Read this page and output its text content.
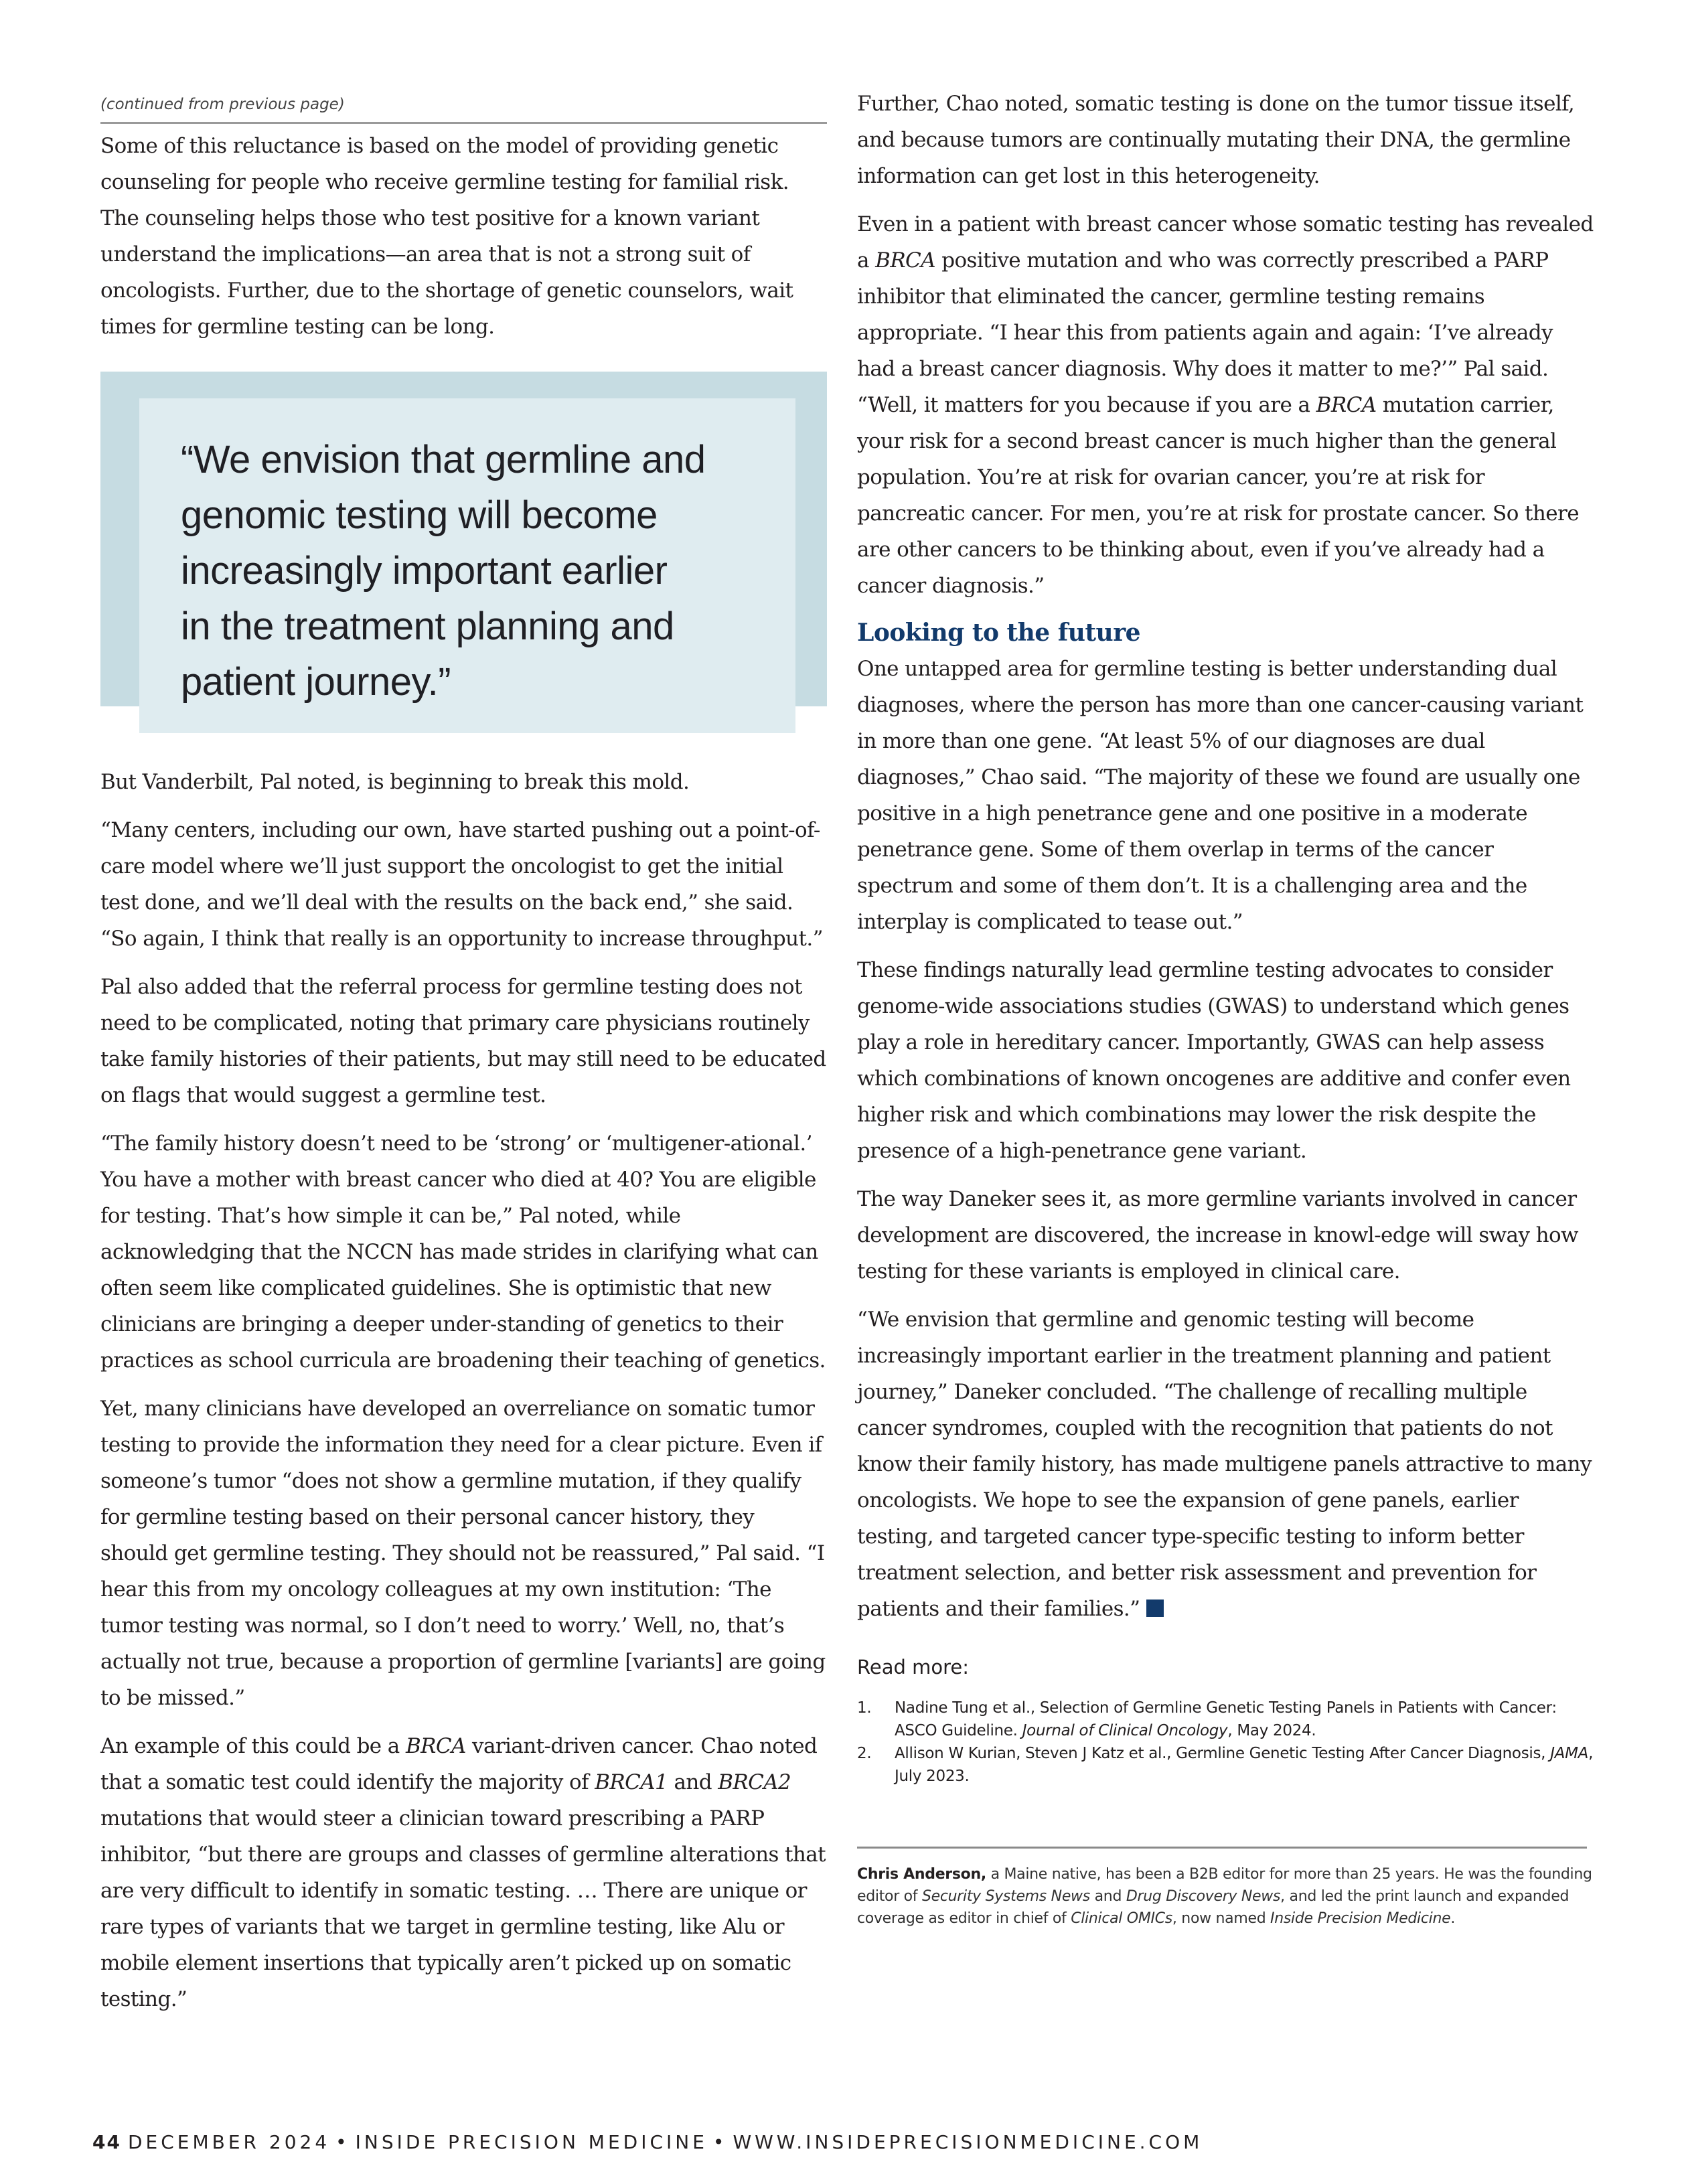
(continued from previous page)

Some of this reluctance is based on the model of providing genetic counseling for people who receive germline testing for familial risk. The counseling helps those who test positive for a known variant understand the implications—an area that is not a strong suit of oncologists. Further, due to the shortage of genetic counselors, wait times for germline testing can be long.

“We envision that germline and
genomic testing will become
increasingly important earlier
in the treatment planning and
patient journey.”

But Vanderbilt, Pal noted, is beginning to break this mold.

“Many centers, including our own, have started pushing out a point-of-care model where we’ll just support the oncologist to get the initial test done, and we’ll deal with the results on the back end,” she said. “So again, I think that really is an opportunity to increase throughput.”

Pal also added that the referral process for germline testing does not need to be complicated, noting that primary care physicians routinely take family histories of their patients, but may still need to be educated on flags that would suggest a germline test.

“The family history doesn’t need to be ‘strong’ or ‘multigener-ational.’ You have a mother with breast cancer who died at 40? You are eligible for testing. That’s how simple it can be,” Pal noted, while acknowledging that the NCCN has made strides in clarifying what can often seem like complicated guidelines. She is optimistic that new clinicians are bringing a deeper under-standing of genetics to their practices as school curricula are broadening their teaching of genetics.

Yet, many clinicians have developed an overreliance on somatic tumor testing to provide the information they need for a clear picture. Even if someone’s tumor “does not show a germline mutation, if they qualify for germline testing based on their personal cancer history, they should get germline testing. They should not be reassured,” Pal said. “I hear this from my oncology colleagues at my own institution: ‘The tumor testing was normal, so I don’t need to worry.’ Well, no, that’s actually not true, because a proportion of germline [variants] are going to be missed.”

An example of this could be a BRCA variant-driven cancer. Chao noted that a somatic test could identify the majority of BRCA1 and BRCA2 mutations that would steer a clinician toward prescribing a PARP inhibitor, “but there are groups and classes of germline alterations that are very difficult to identify in somatic testing. … There are unique or rare types of variants that we target in germline testing, like Alu or mobile element insertions that typically aren’t picked up on somatic testing.”

Further, Chao noted, somatic testing is done on the tumor tissue itself, and because tumors are continually mutating their DNA, the germline information can get lost in this heterogeneity.

Even in a patient with breast cancer whose somatic testing has revealed a BRCA positive mutation and who was correctly prescribed a PARP inhibitor that eliminated the cancer, germline testing remains appropriate. “I hear this from patients again and again: ‘I’ve already had a breast cancer diagnosis. Why does it matter to me?’” Pal said. “Well, it matters for you because if you are a BRCA mutation carrier, your risk for a second breast cancer is much higher than the general population. You’re at risk for ovarian cancer, you’re at risk for pancreatic cancer. For men, you’re at risk for prostate cancer. So there are other cancers to be thinking about, even if you’ve already had a cancer diagnosis.”

Looking to the future

One untapped area for germline testing is better understanding dual diagnoses, where the person has more than one cancer-causing variant in more than one gene. “At least 5% of our diagnoses are dual diagnoses,” Chao said. “The majority of these we found are usually one positive in a high penetrance gene and one positive in a moderate penetrance gene. Some of them overlap in terms of the cancer spectrum and some of them don’t. It is a challenging area and the interplay is complicated to tease out.”

These findings naturally lead germline testing advocates to consider genome-wide associations studies (GWAS) to understand which genes play a role in hereditary cancer. Importantly, GWAS can help assess which combinations of known oncogenes are additive and confer even higher risk and which combinations may lower the risk despite the presence of a high-penetrance gene variant.

The way Daneker sees it, as more germline variants involved in cancer development are discovered, the increase in knowl-edge will sway how testing for these variants is employed in clinical care.

“We envision that germline and genomic testing will become increasingly important earlier in the treatment planning and patient journey,” Daneker concluded. “The challenge of recalling multiple cancer syndromes, coupled with the recognition that patients do not know their family history, has made multigene panels attractive to many oncologists. We hope to see the expansion of gene panels, earlier testing, and targeted cancer type-specific testing to inform better treatment selection, and better risk assessment and prevention for patients and their families.”

Read more:
1.	Nadine Tung et al., Selection of Germline Genetic Testing Panels in Patients with Cancer: ASCO Guideline. Journal of Clinical Oncology, May 2024.
2.	Allison W Kurian, Steven J Katz et al., Germline Genetic Testing After Cancer Diagnosis, JAMA, July 2023.

Chris Anderson, a Maine native, has been a B2B editor for more than 25 years. He was the founding editor of Security Systems News and Drug Discovery News, and led the print launch and expanded coverage as editor in chief of Clinical OMICs, now named Inside Precision Medicine.

44 DECEMBER 2024 • INSIDE PRECISION MEDICINE • WWW.INSIDEPRECISIONMEDICINE.COM
